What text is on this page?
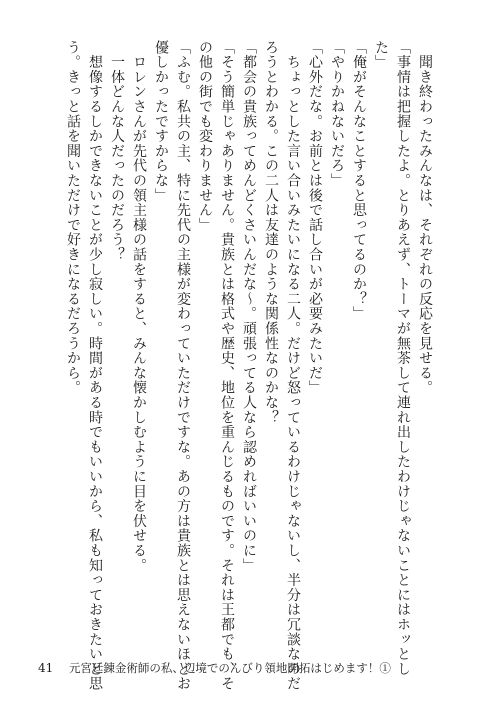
　聞き終わったみんなは、それぞれの反応を見せる。
「事情は把握したよ。とりあえず、トーマが無茶して連れ出したわけじゃないことにはホッとし
た」
「俺がそんなことすると思ってるのか？」
「やりかねないだろ」
「心外だな。お前とは後で話し合いが必要みたいだ」
　ちょっとした言い合いみたいになる二人。だけど怒っているわけじゃないし、半分は冗談なのだ
ろうとわかる。この二人は友達のような関係性なのかな？
「都会の貴族ってめんどくさいんだな～。頑張ってる人なら認めればいいのに」
「そう簡単じゃありません。貴族とは格式や歴史、地位を重んじるものです。それは王都でも、そ
の他の街でも変わりません」
「ふむ。私共の主、特に先代の主様が変わっていただけですな。あの方は貴族とは思えないほどお
優しかったですからな」
　ロレンさんが先代の領主様の話をすると、みんな懐かしむように目を伏せる。
　一体どんな人だったのだろう？
　想像するしかできないことが少し寂しい。時間がある時でもいいから、私も知っておきたいと思
う。きっと話を聞いただけで好きになるだろうから。
41 元宮廷錬金術師の私、辺境でのんびり領地開拓はじめます！①
